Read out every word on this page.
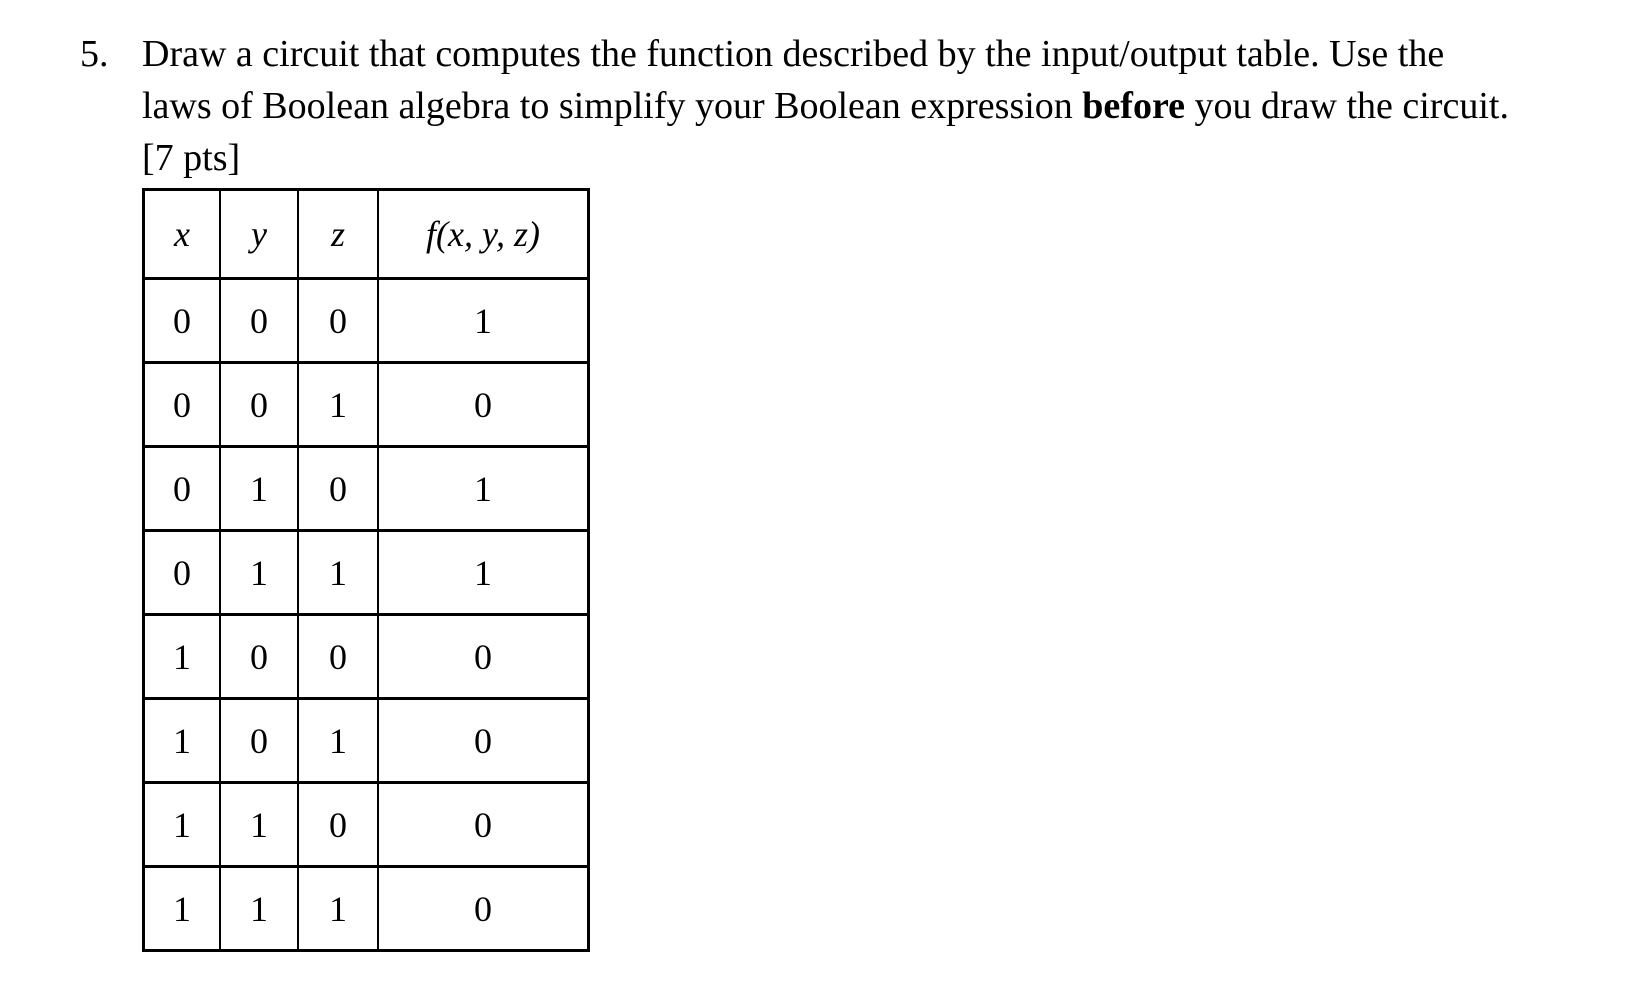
5. Draw a circuit that computes the function described by the input/output table. Use the
laws of Boolean algebra to simplify your Boolean expression before you draw the circuit.
[7 pts]
x	y	z	f(x, y, z)
0	0	0	1
0	0	1	0
0	1	0	1
0	1	1	1
1	0	0	0
1	0	1	0
1	1	0	0
1	1	1	0
